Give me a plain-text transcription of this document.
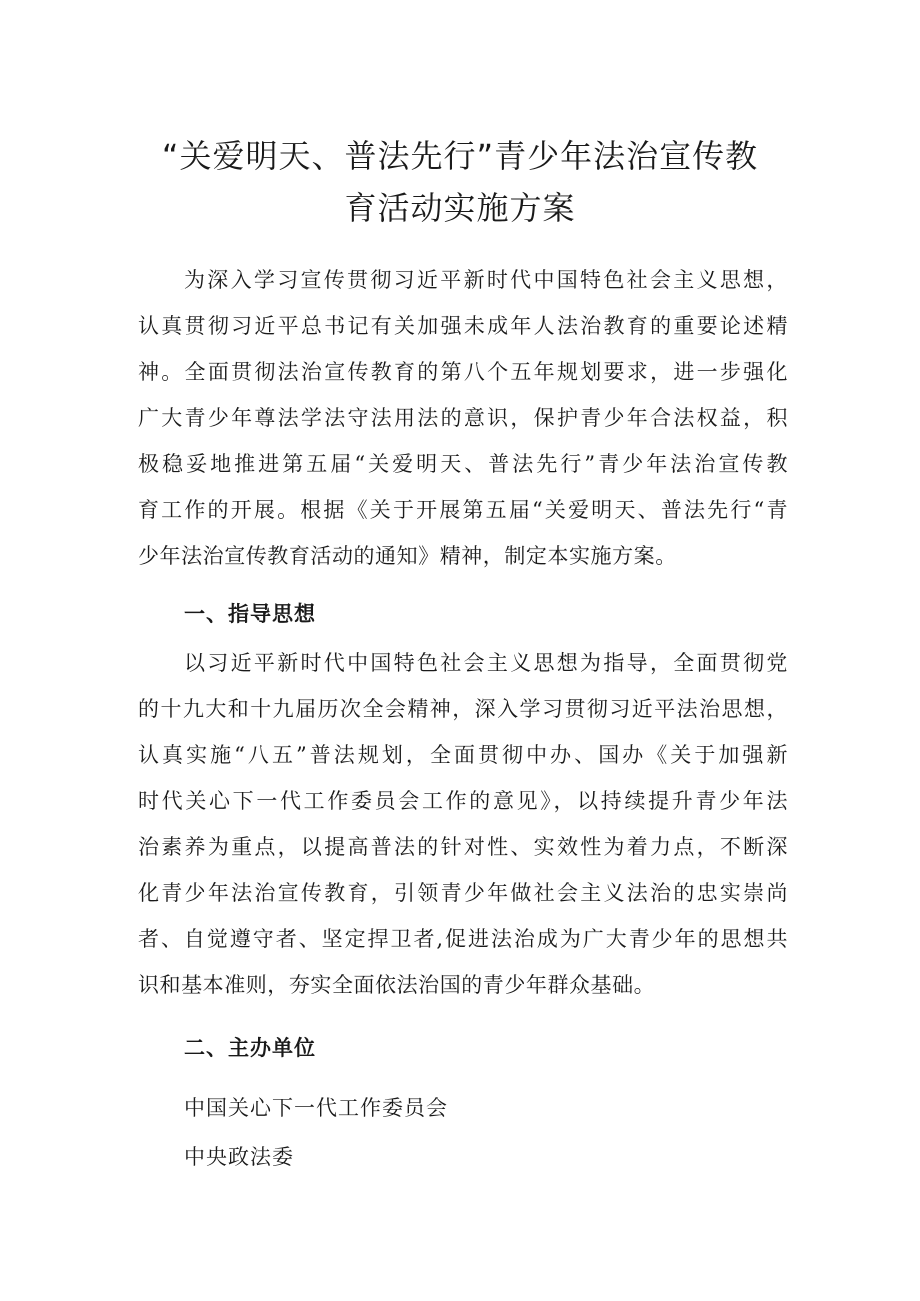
“关爱明天、普法先行”青少年法治宣传教
育活动实施方案
为深入学习宣传贯彻习近平新时代中国特色社会主义思想，
认真贯彻习近平总书记有关加强未成年人法治教育的重要论述精
神。全面贯彻法治宣传教育的第八个五年规划要求，进一步强化
广大青少年尊法学法守法用法的意识，保护青少年合法权益，积
极稳妥地推进第五届“关爱明天、普法先行”青少年法治宣传教
育工作的开展。根据《关于开展第五届“关爱明天、普法先行“青
少年法治宣传教育活动的通知》精神，制定本实施方案。
一、指导思想
以习近平新时代中国特色社会主义思想为指导，全面贯彻党
的十九大和十九届历次全会精神，深入学习贯彻习近平法治思想，
认真实施“八五”普法规划，全面贯彻中办、国办《关于加强新
时代关心下一代工作委员会工作的意见》，以持续提升青少年法
治素养为重点，以提高普法的针对性、实效性为着力点，不断深
化青少年法治宣传教育，引领青少年做社会主义法治的忠实崇尚
者、自觉遵守者、坚定捍卫者,促进法治成为广大青少年的思想共
识和基本准则，夯实全面依法治国的青少年群众基础。
二、主办单位

中国关心下一代工作委员会

中央政法委
